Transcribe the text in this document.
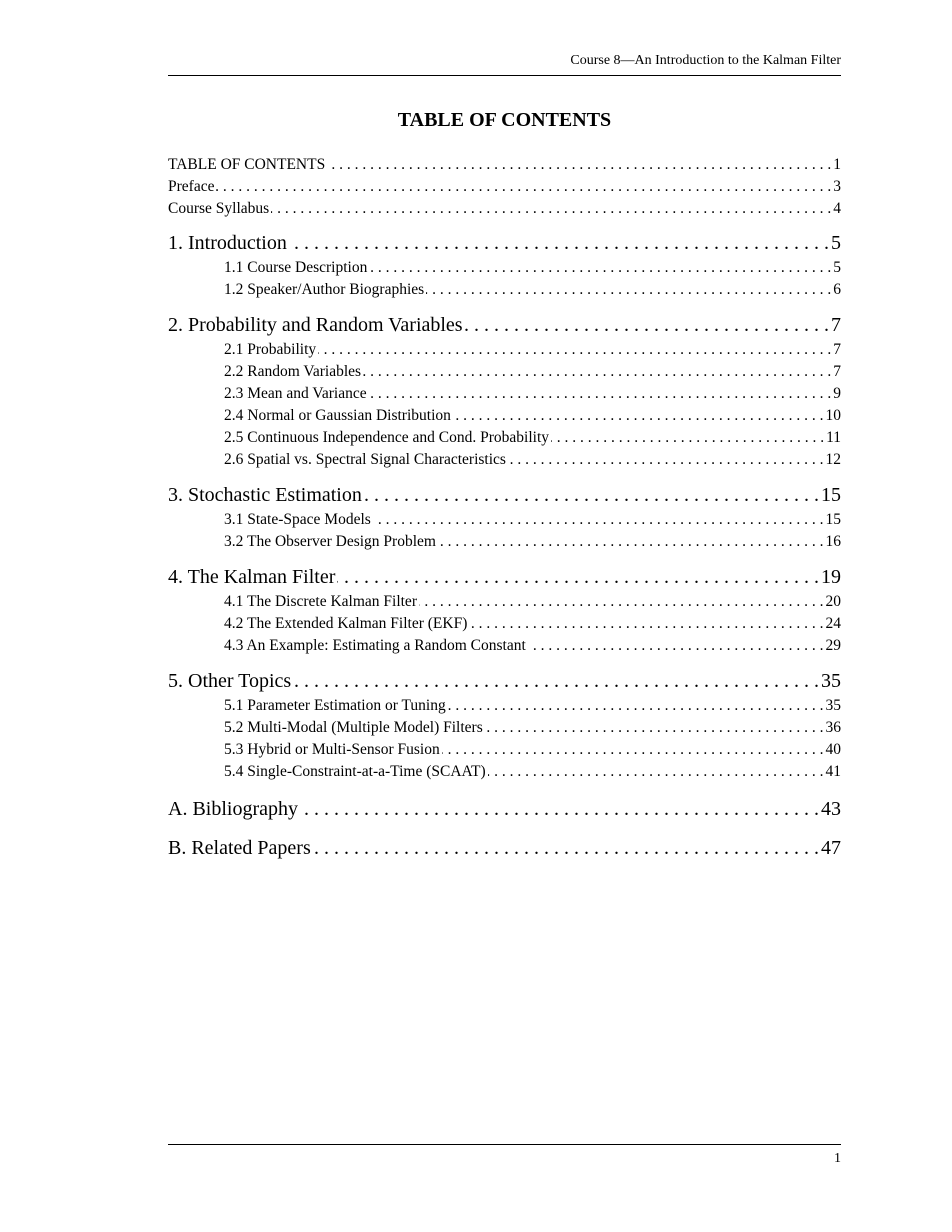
Course 8—An Introduction to the Kalman Filter
TABLE OF CONTENTS
TABLE OF CONTENTS . . .	1
Preface . . .	3
Course Syllabus . . .	4
1. Introduction . . .	5
1.1 Course Description . . .	5
1.2 Speaker/Author Biographies . . .	6
2. Probability and Random Variables . . .	7
2.1 Probability . . .	7
2.2 Random Variables . . .	7
2.3 Mean and Variance . . .	9
2.4 Normal or Gaussian Distribution . . .	10
2.5 Continuous Independence and Cond. Probability . . .	11
2.6 Spatial vs. Spectral Signal Characteristics . . .	12
3. Stochastic Estimation . . .	15
3.1 State-Space Models . . .	15
3.2 The Observer Design Problem . . .	16
4. The Kalman Filter . . .	19
4.1 The Discrete Kalman Filter . . .	20
4.2 The Extended Kalman Filter (EKF) . . .	24
4.3 An Example: Estimating a Random Constant . . .	29
5. Other Topics . . .	35
5.1 Parameter Estimation or Tuning . . .	35
5.2 Multi-Modal (Multiple Model) Filters . . .	36
5.3 Hybrid or Multi-Sensor Fusion . . .	40
5.4 Single-Constraint-at-a-Time (SCAAT) . . .	41
A. Bibliography . . .	43
B. Related Papers . . .	47
1
